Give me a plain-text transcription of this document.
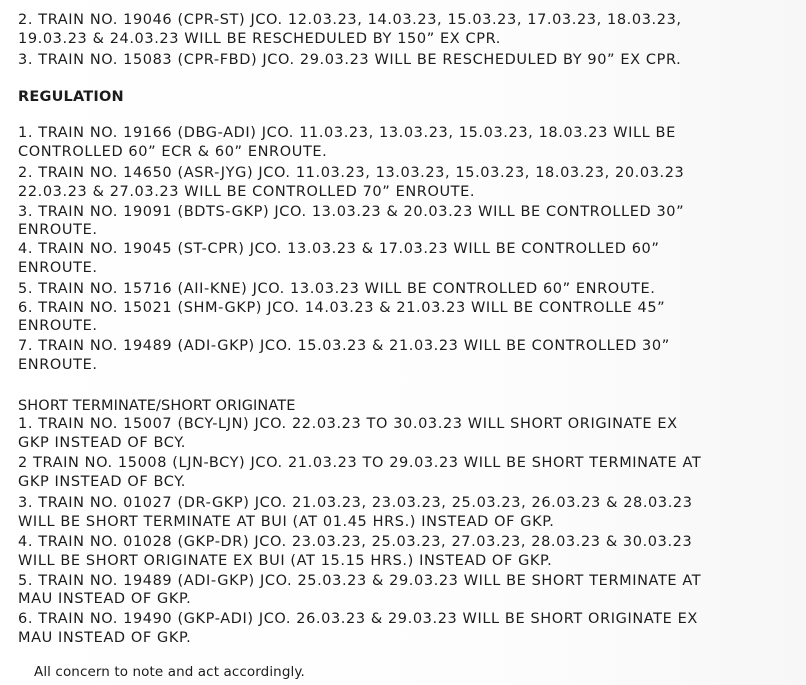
2. TRAIN NO. 19046 (CPR-ST) JCO. 12.03.23, 14.03.23, 15.03.23, 17.03.23, 18.03.23,
19.03.23 & 24.03.23 WILL BE RESCHEDULED BY 150” EX CPR.
3. TRAIN NO. 15083 (CPR-FBD) JCO. 29.03.23 WILL BE RESCHEDULED BY 90” EX CPR.
REGULATION
1. TRAIN NO. 19166 (DBG-ADI) JCO. 11.03.23, 13.03.23, 15.03.23, 18.03.23 WILL BE
CONTROLLED 60” ECR & 60” ENROUTE.
2. TRAIN NO. 14650 (ASR-JYG) JCO. 11.03.23, 13.03.23, 15.03.23, 18.03.23, 20.03.23
22.03.23 & 27.03.23 WILL BE CONTROLLED 70” ENROUTE.
3. TRAIN NO. 19091 (BDTS-GKP) JCO. 13.03.23 & 20.03.23 WILL BE CONTROLLED 30”
ENROUTE.
4. TRAIN NO. 19045 (ST-CPR) JCO. 13.03.23 & 17.03.23 WILL BE CONTROLLED 60”
ENROUTE.
5. TRAIN NO. 15716 (AII-KNE) JCO. 13.03.23 WILL BE CONTROLLED 60” ENROUTE.
6. TRAIN NO. 15021 (SHM-GKP) JCO. 14.03.23 & 21.03.23 WILL BE CONTROLLE 45”
ENROUTE.
7. TRAIN NO. 19489 (ADI-GKP) JCO. 15.03.23 & 21.03.23 WILL BE CONTROLLED 30”
ENROUTE.
SHORT TERMINATE/SHORT ORIGINATE
1. TRAIN NO. 15007 (BCY-LJN) JCO. 22.03.23 TO 30.03.23 WILL SHORT ORIGINATE EX
GKP INSTEAD OF BCY.
2 TRAIN NO. 15008 (LJN-BCY) JCO. 21.03.23 TO 29.03.23 WILL BE SHORT TERMINATE AT
GKP INSTEAD OF BCY.
3. TRAIN NO. 01027 (DR-GKP) JCO. 21.03.23, 23.03.23, 25.03.23, 26.03.23 & 28.03.23
WILL BE SHORT TERMINATE AT BUI (AT 01.45 HRS.) INSTEAD OF GKP.
4. TRAIN NO. 01028 (GKP-DR) JCO. 23.03.23, 25.03.23, 27.03.23, 28.03.23 & 30.03.23
WILL BE SHORT ORIGINATE EX BUI (AT 15.15 HRS.) INSTEAD OF GKP.
5. TRAIN NO. 19489 (ADI-GKP) JCO. 25.03.23 & 29.03.23 WILL BE SHORT TERMINATE AT
MAU INSTEAD OF GKP.
6. TRAIN NO. 19490 (GKP-ADI) JCO. 26.03.23 & 29.03.23 WILL BE SHORT ORIGINATE EX
MAU INSTEAD OF GKP.
All concern to note and act accordingly.
